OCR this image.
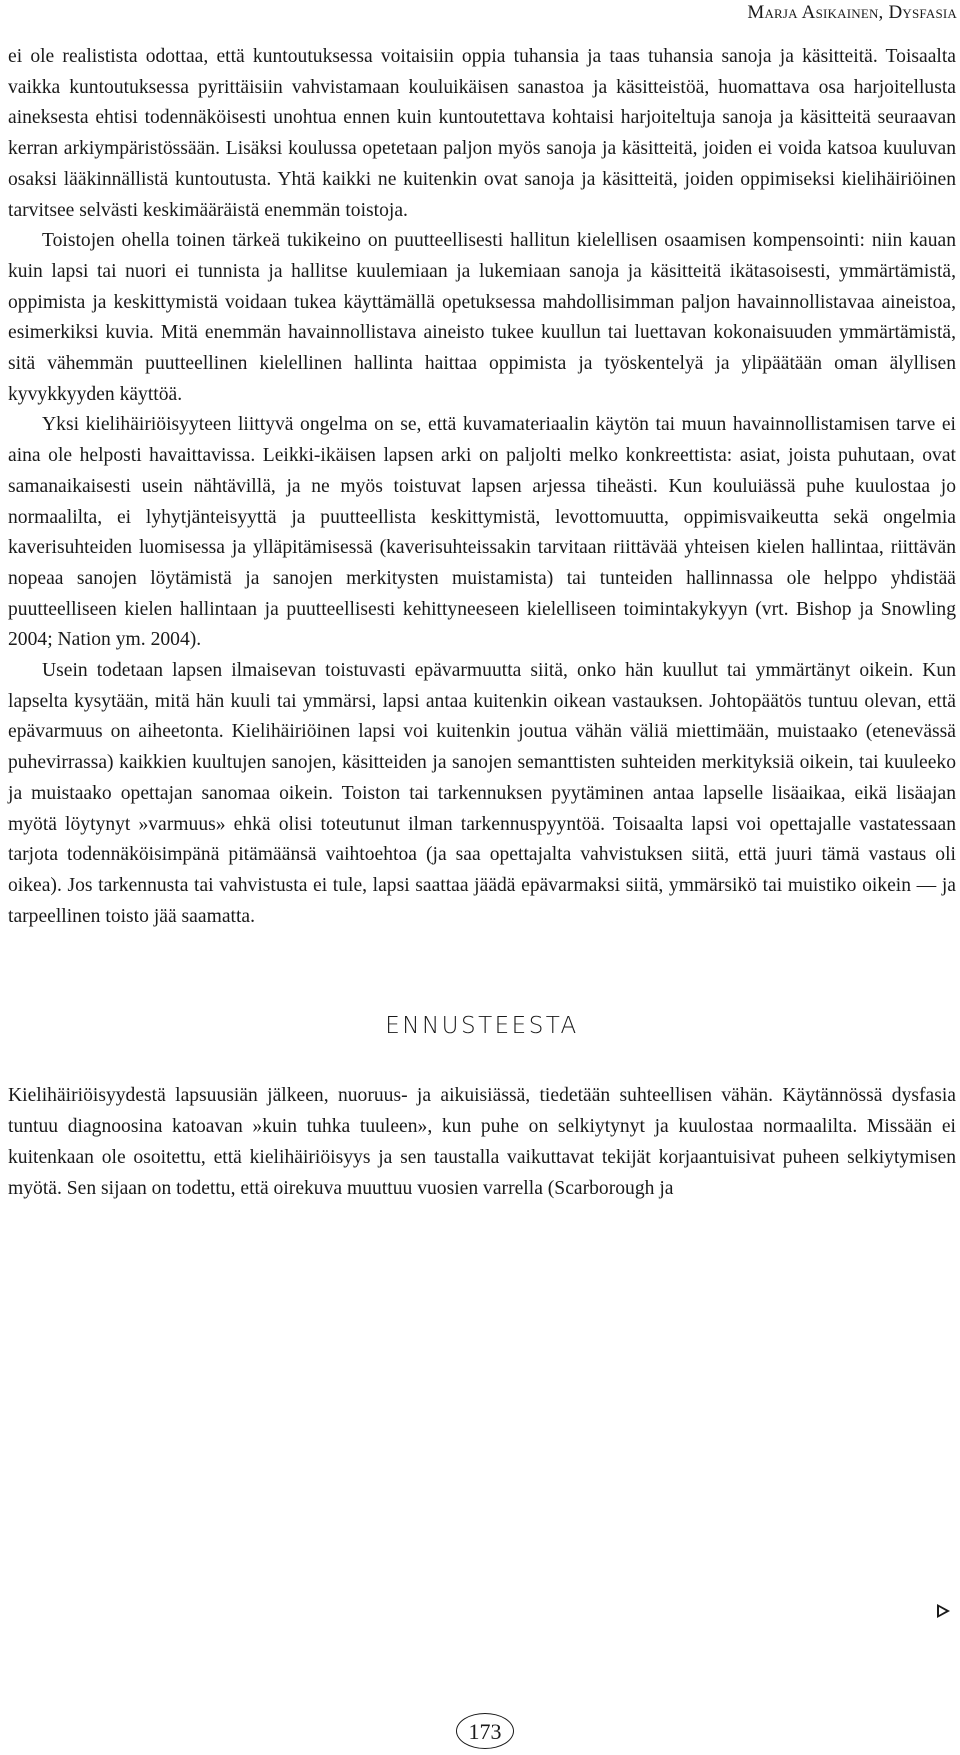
Marja Asikainen, Dysfasia

ei ole realistista odottaa, että kuntoutuksessa voitaisiin oppia tuhansia ja taas tuhansia sanoja ja käsitteitä. Toisaalta vaikka kuntoutuksessa pyrittäisiin vahvistamaan kouluikäisen sanastoa ja käsitteistöä, huomattava osa harjoitellusta aineksesta ehtisi todennäköisesti unohtua ennen kuin kuntoutettava kohtaisi harjoiteltuja sanoja ja käsitteitä seuraavan kerran arkiympäristössään. Lisäksi koulussa opetetaan paljon myös sanoja ja käsitteitä, joiden ei voida katsoa kuuluvan osaksi lääkinnällistä kuntoutusta. Yhtä kaikki ne kuitenkin ovat sanoja ja käsitteitä, joiden oppimiseksi kielihäiriöinen tarvitsee selvästi keskimääräistä enemmän toistoja.

Toistojen ohella toinen tärkeä tukikeino on puutteellisesti hallitun kielellisen osaamisen kompensointi: niin kauan kuin lapsi tai nuori ei tunnista ja hallitse kuulemiaan ja lukemiaan sanoja ja käsitteitä ikätasoisesti, ymmärtämistä, oppimista ja keskittymistä voidaan tukea käyttämällä opetuksessa mahdollisimman paljon havainnollistavaa aineistoa, esimerkiksi kuvia. Mitä enemmän havainnollistava aineisto tukee kuullun tai luettavan kokonaisuuden ymmärtämistä, sitä vähemmän puutteellinen kielellinen hallinta haittaa oppimista ja työskentelyä ja ylipäätään oman älyllisen kyvykkyyden käyttöä.

Yksi kielihäiriöisyyteen liittyvä ongelma on se, että kuvamateriaalin käytön tai muun havainnollistamisen tarve ei aina ole helposti havaittavissa. Leikki-ikäisen lapsen arki on paljolti melko konkreettista: asiat, joista puhutaan, ovat samanaikaisesti usein nähtävillä, ja ne myös toistuvat lapsen arjessa tiheästi. Kun kouluiässä puhe kuulostaa jo normaalilta, ei lyhytjänteisyyttä ja puutteellista keskittymistä, levottomuutta, oppimisvaikeutta sekä ongelmia kaverisuhteiden luomisessa ja ylläpitämisessä (kaverisuhteissakin tarvitaan riittävää yhteisen kielen hallintaa, riittävän nopeaa sanojen löytämistä ja sanojen merkitysten muistamista) tai tunteiden hallinnassa ole helppo yhdistää puutteelliseen kielen hallintaan ja puutteellisesti kehittyneeseen kielelliseen toimintakykyyn (vrt. Bishop ja Snowling 2004; Nation ym. 2004).

Usein todetaan lapsen ilmaisevan toistuvasti epävarmuutta siitä, onko hän kuullut tai ymmärtänyt oikein. Kun lapselta kysytään, mitä hän kuuli tai ymmärsi, lapsi antaa kuitenkin oikean vastauksen. Johtopäätös tuntuu olevan, että epävarmuus on aiheetonta. Kielihäiriöinen lapsi voi kuitenkin joutua vähän väliä miettimään, muistaako (etenevässä puhevirrassa) kaikkien kuultujen sanojen, käsitteiden ja sanojen semanttisten suhteiden merkityksiä oikein, tai kuuleeko ja muistaako opettajan sanomaa oikein. Toiston tai tarkennuksen pyytäminen antaa lapselle lisäaikaa, eikä lisäajan myötä löytynyt »varmuus» ehkä olisi toteutunut ilman tarkennuspyyntöä. Toisaalta lapsi voi opettajalle vastatessaan tarjota todennäköisimpänä pitämäänsä vaihtoehtoa (ja saa opettajalta vahvistuksen siitä, että juuri tämä vastaus oli oikea). Jos tarkennusta tai vahvistusta ei tule, lapsi saattaa jäädä epävarmaksi siitä, ymmärsikö tai muistiko oikein — ja tarpeellinen toisto jää saamatta.

ENNUSTEESTA

Kielihäiriöisyydestä lapsuusiän jälkeen, nuoruus- ja aikuisiässä, tiedetään suhteellisen vähän. Käytännössä dysfasia tuntuu diagnoosina katoavan »kuin tuhka tuuleen», kun puhe on selkiytynyt ja kuulostaa normaalilta. Missään ei kuitenkaan ole osoitettu, että kielihäiriöisyys ja sen taustalla vaikuttavat tekijät korjaantuisivat puheen selkiytymisen myötä. Sen sijaan on todettu, että oirekuva muuttuu vuosien varrella (Scarborough ja

173
